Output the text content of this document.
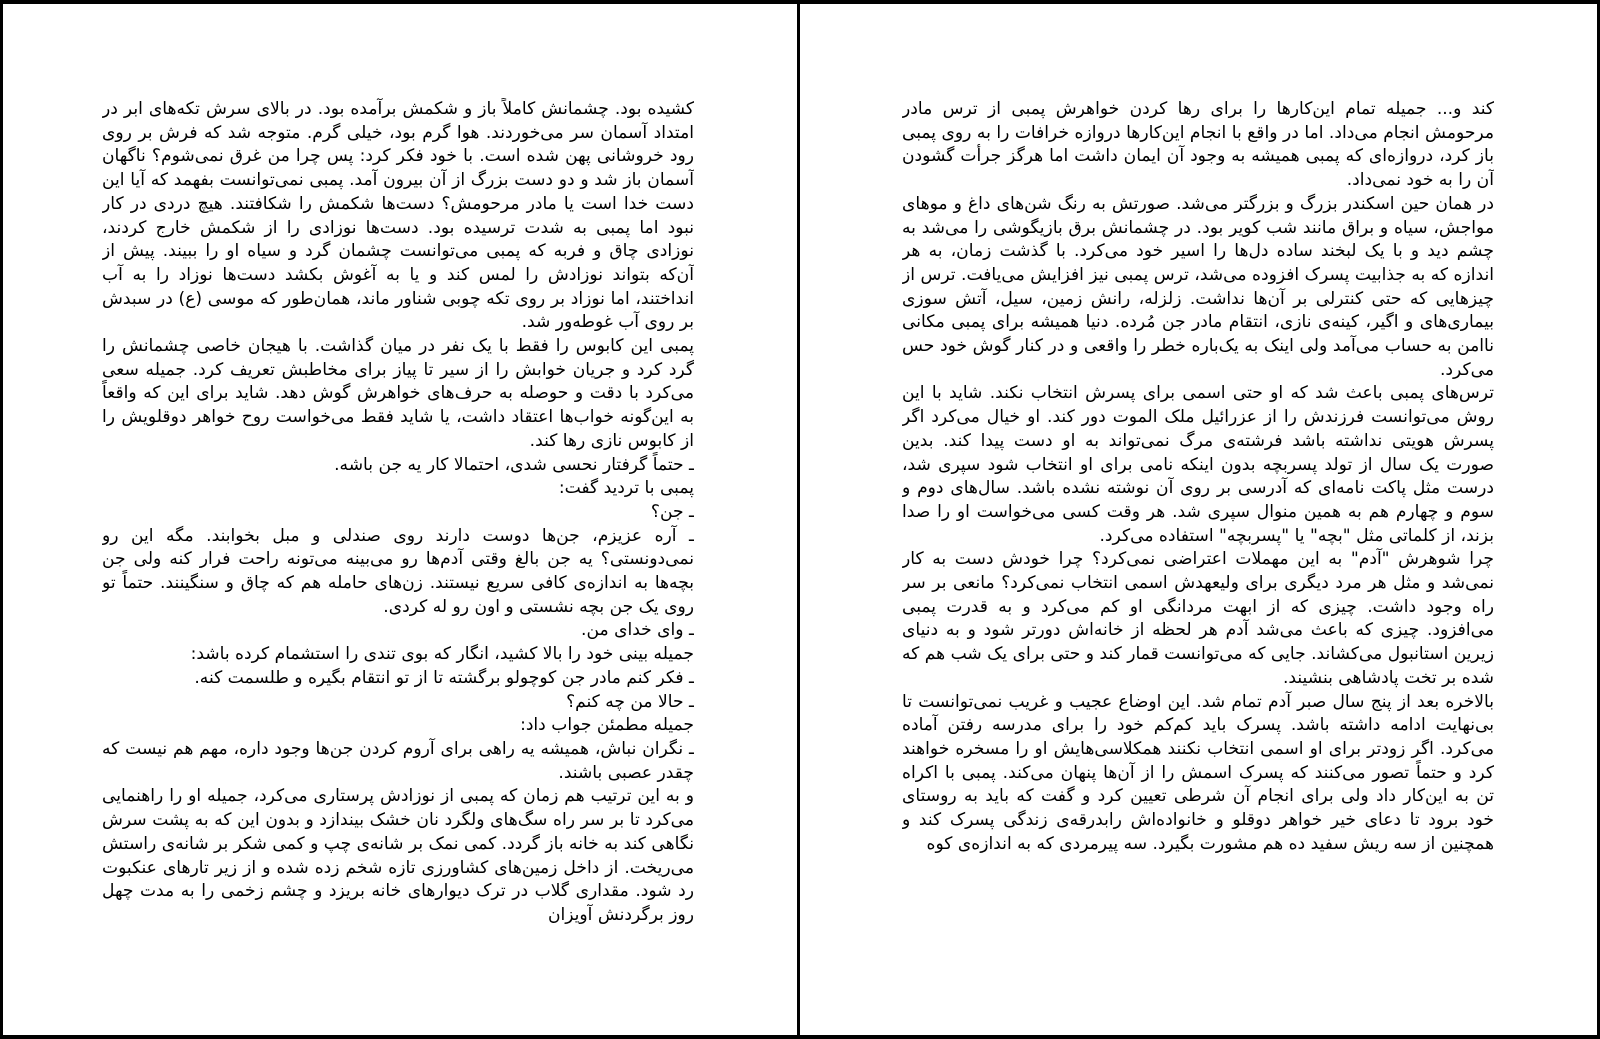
کشیده بود. چشمانش کاملاً باز و شکمش برآمده بود. در بالای سرش تکه‌های ابر در امتداد آسمان سر می‌خوردند. هوا گرم بود، خیلی گرم. متوجه شد که فرش بر روی رود خروشانی پهن شده است. با خود فکر کرد: پس چرا من غرق نمی‌شوم؟ ناگهان آسمان باز شد و دو دست بزرگ از آن بیرون آمد. پمبی نمی‌توانست بفهمد که آیا این دست خدا است یا مادر مرحومش؟ دست‌ها شکمش را شکافتند. هیچ دردی در کار نبود اما پمبی به شدت ترسیده بود. دست‌ها نوزادی را از شکمش خارج کردند، نوزادی چاق و فربه که پمبی می‌توانست چشمان گرد و سیاه او را ببیند. پیش از آن‌که بتواند نوزادش را لمس کند و یا به آغوش بکشد دست‌ها نوزاد را به آب انداختند، اما نوزاد بر روی تکه چوبی شناور ماند، همان‌طور که موسی (ع) در سبدش بر روی آب غوطه‌ور شد.

پمبی این کابوس را فقط با یک نفر در میان گذاشت. با هیجان خاصی چشمانش را گرد کرد و جریان خوابش را از سیر تا پیاز برای مخاطبش تعریف کرد. جمیله سعی می‌کرد با دقت و حوصله به حرف‌های خواهرش گوش دهد. شاید برای این که واقعاً به این‌گونه خواب‌ها اعتقاد داشت، یا شاید فقط می‌خواست روح خواهر دوقلویش را از کابوس نازی رها کند.

ـ حتماً گرفتار نحسی شدی، احتمالا کار یه جن باشه.

پمبی با تردید گفت:

ـ جن؟

ـ آره عزیزم، جن‌ها دوست دارند روی صندلی و مبل بخوابند. مگه این رو نمی‌دونستی؟ یه جن بالغ وقتی آدم‌ها رو می‌بینه می‌تونه راحت فرار کنه ولی جن بچه‌ها به اندازه‌ی کافی سریع نیستند. زن‌های حامله هم که چاق و سنگینند. حتماً تو روی یک جن بچه نشستی و اون رو له کردی.

ـ وای خدای من.

جمیله بینی خود را بالا کشید، انگار که بوی تندی را استشمام کرده باشد:

ـ فکر کنم مادر جن کوچولو برگشته تا از تو انتقام بگیره و طلسمت کنه.

ـ حالا من چه کنم؟

جمیله مطمئن جواب داد:

ـ نگران نباش، همیشه یه راهی برای آروم کردن جن‌ها وجود داره، مهم هم نیست که چقدر عصبی باشند.

و به این ترتیب هم زمان که پمبی از نوزادش پرستاری می‌کرد، جمیله او را راهنمایی می‌کرد تا بر سر راه سگ‌های ولگرد نان خشک بیندازد و بدون این که به پشت سرش نگاهی کند به خانه باز گردد. کمی نمک بر شانه‌ی چپ و کمی شکر بر شانه‌ی راستش می‌ریخت. از داخل زمین‌های کشاورزی تازه شخم زده شده و از زیر تارهای عنکبوت رد شود. مقداری گلاب در ترک دیوارهای خانه بریزد و چشم زخمی را به مدت چهل روز برگردنش آویزان

کند و... جمیله تمام این‌کارها را برای رها کردن خواهرش پمبی از ترس مادر مرحومش انجام می‌داد. اما در واقع با انجام این‌کارها دروازه خرافات را به روی پمبی باز کرد، دروازه‌ای که پمبی همیشه به وجود آن ایمان داشت اما هرگز جرأت گشودن آن را به خود نمی‌داد.

در همان حین اسکندر بزرگ و بزرگتر می‌شد. صورتش به رنگ شن‌های داغ و موهای مواجش، سیاه و براق مانند شب کویر بود. در چشمانش برق بازیگوشی را می‌شد به چشم دید و با یک لبخند ساده دل‌ها را اسیر خود می‌کرد. با گذشت زمان، به هر اندازه که به جذابیت پسرک افزوده می‌شد، ترس پمبی نیز افزایش می‌یافت. ترس از چیزهایی که حتی کنترلی بر آن‌ها نداشت. زلزله، رانش زمین، سیل، آتش سوزی بیماری‌های و اگیر، کینه‌ی نازی، انتقام مادر جن مُرده. دنیا همیشه برای پمبی مکانی ناامن به حساب می‌آمد ولی اینک به یک‌باره خطر را واقعی و در کنار گوش خود حس می‌کرد.

ترس‌های پمبی باعث شد که او حتی اسمی برای پسرش انتخاب نکند. شاید با این روش می‌توانست فرزندش را از عزرائیل ملک الموت دور کند. او خیال می‌کرد اگر پسرش هویتی نداشته باشد فرشته‌ی مرگ نمی‌تواند به او دست پیدا کند. بدین صورت یک سال از تولد پسربچه بدون اینکه نامی برای او انتخاب شود سپری شد، درست مثل پاکت نامه‌ای که آدرسی بر روی آن نوشته نشده باشد. سال‌های دوم و سوم و چهارم هم به همین منوال سپری شد. هر وقت کسی می‌خواست او را صدا بزند، از کلماتی مثل "بچه" یا "پسربچه" استفاده می‌کرد.

چرا شوهرش "آدم" به این مهملات اعتراضی نمی‌کرد؟ چرا خودش دست به کار نمی‌شد و مثل هر مرد دیگری برای ولیعهدش اسمی انتخاب نمی‌کرد؟ مانعی بر سر راه وجود داشت. چیزی که از ابهت مردانگی او کم می‌کرد و به قدرت پمبی می‌افزود. چیزی که باعث می‌شد آدم هر لحظه از خانه‌اش دورتر شود و به دنیای زیرین استانبول می‌کشاند. جایی که می‌توانست قمار کند و حتی برای یک شب هم که شده بر تخت پادشاهی بنشیند.

بالاخره بعد از پنج سال صبر آدم تمام شد. این اوضاع عجیب و غریب نمی‌توانست تا بی‌نهایت ادامه داشته باشد. پسرک باید کم‌کم خود را برای مدرسه رفتن آماده می‌کرد. اگر زودتر برای او اسمی انتخاب نکنند همکلاسی‌هایش او را مسخره خواهند کرد و حتماً تصور می‌کنند که پسرک اسمش را از آن‌ها پنهان می‌کند. پمبی با اکراه تن به این‌کار داد ولی برای انجام آن شرطی تعیین کرد و گفت که باید به روستای خود برود تا دعای خیر خواهر دوقلو و خانواده‌اش رابدرقه‌ی زندگی پسرک کند و همچنین از سه ریش سفید ده هم مشورت بگیرد. سه پیرمردی که به اندازه‌ی کوه
